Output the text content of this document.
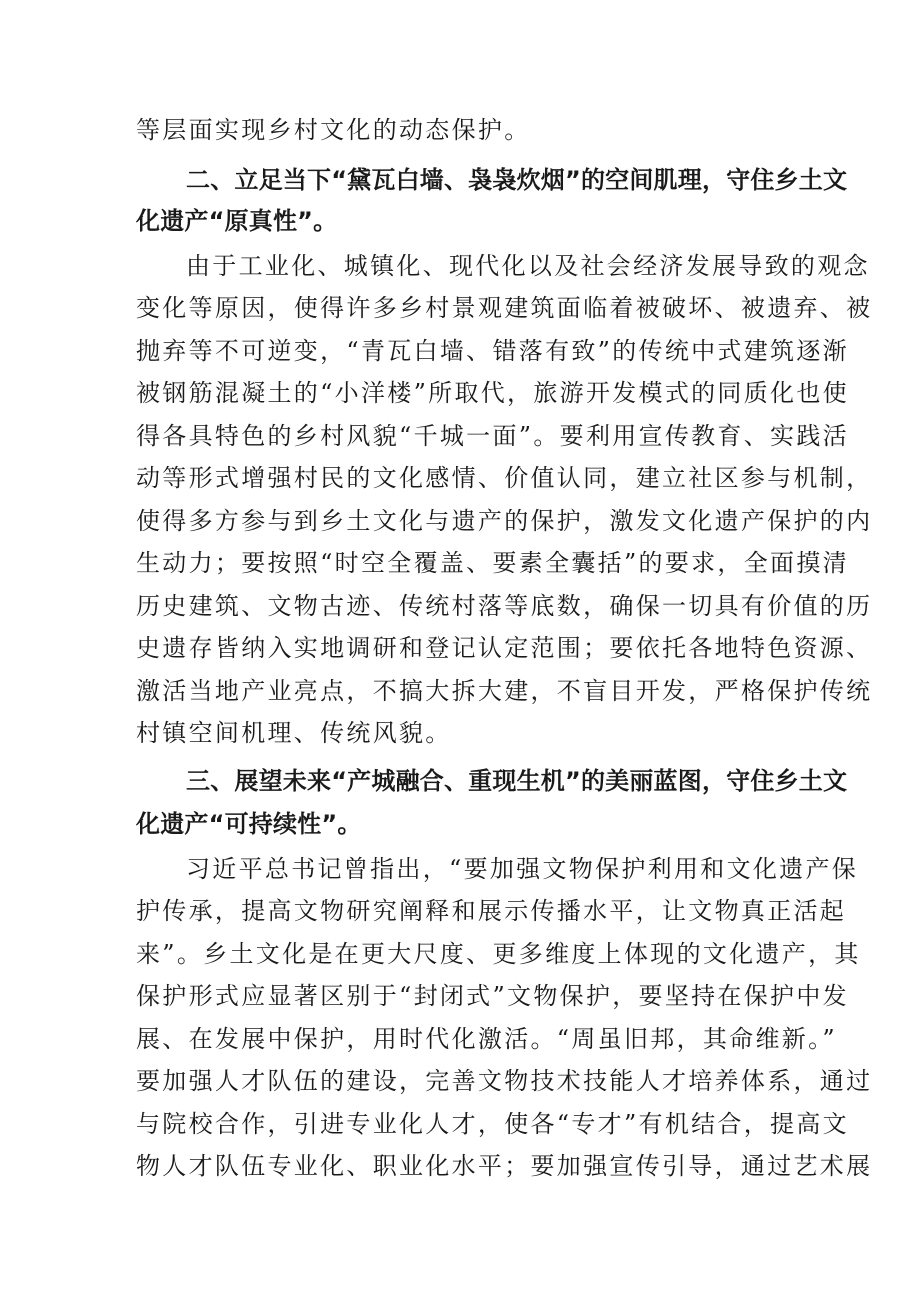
等层面实现乡村文化的动态保护。
二、立足当下“黛瓦白墙、袅袅炊烟”的空间肌理，守住乡土文
化遗产“原真性”。
由于工业化、城镇化、现代化以及社会经济发展导致的观念
变化等原因，使得许多乡村景观建筑面临着被破坏、被遗弃、被
抛弃等不可逆变，“青瓦白墙、错落有致”的传统中式建筑逐渐
被钢筋混凝土的“小洋楼”所取代，旅游开发模式的同质化也使
得各具特色的乡村风貌“千城一面”。要利用宣传教育、实践活
动等形式增强村民的文化感情、价值认同，建立社区参与机制，
使得多方参与到乡土文化与遗产的保护，激发文化遗产保护的内
生动力；要按照“时空全覆盖、要素全囊括”的要求，全面摸清
历史建筑、文物古迹、传统村落等底数，确保一切具有价值的历
史遗存皆纳入实地调研和登记认定范围；要依托各地特色资源、
激活当地产业亮点，不搞大拆大建，不盲目开发，严格保护传统
村镇空间机理、传统风貌。
三、展望未来“产城融合、重现生机”的美丽蓝图，守住乡土文
化遗产“可持续性”。
习近平总书记曾指出，“要加强文物保护利用和文化遗产保
护传承，提高文物研究阐释和展示传播水平，让文物真正活起
来”。乡土文化是在更大尺度、更多维度上体现的文化遗产，其
保护形式应显著区别于“封闭式”文物保护，要坚持在保护中发
展、在发展中保护，用时代化激活。“周虽旧邦，其命维新。”
要加强人才队伍的建设，完善文物技术技能人才培养体系，通过
与院校合作，引进专业化人才，使各“专才”有机结合，提高文
物人才队伍专业化、职业化水平；要加强宣传引导，通过艺术展
